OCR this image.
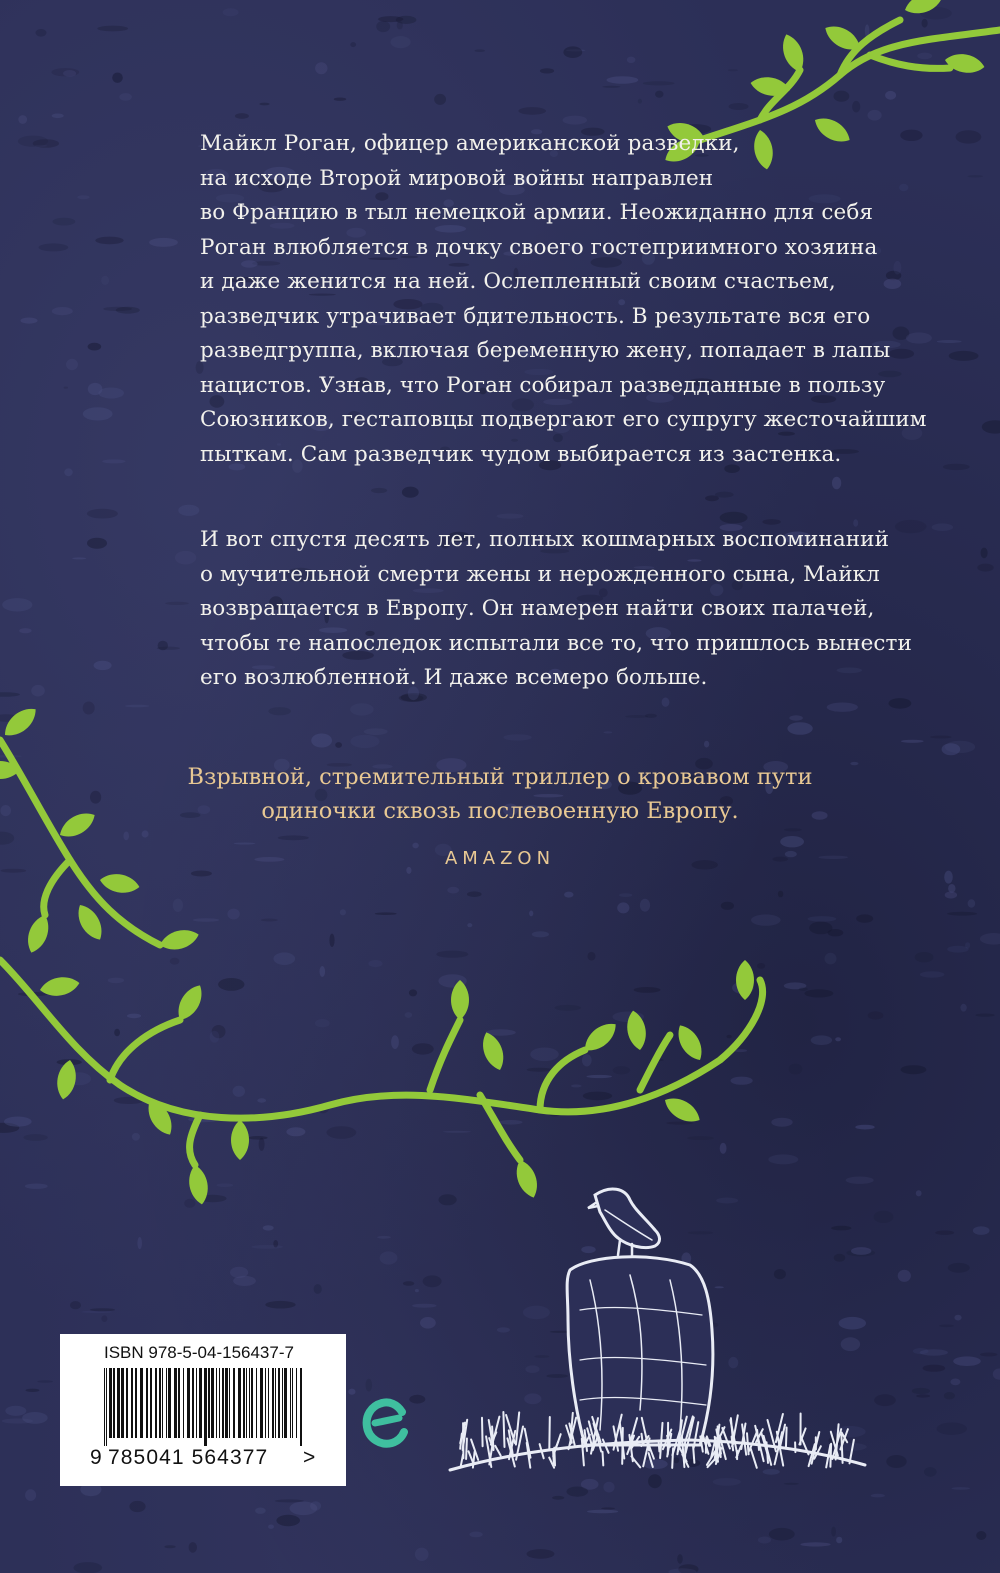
Майкл Роган, офицер американской разведки,
на исходе Второй мировой войны направлен
во Францию в тыл немецкой армии. Неожиданно для себя
Роган влюбляется в дочку своего гостеприимного хозяина
и даже женится на ней. Ослепленный своим счастьем,
разведчик утрачивает бдительность. В результате вся его
разведгруппа, включая беременную жену, попадает в лапы
нацистов. Узнав, что Роган собирал разведданные в пользу
Союзников, гестаповцы подвергают его супругу жесточайшим
пыткам. Сам разведчик чудом выбирается из застенка.

И вот спустя десять лет, полных кошмарных воспоминаний
о мучительной смерти жены и нерожденного сына, Майкл
возвращается в Европу. Он намерен найти своих палачей,
чтобы те напоследок испытали все то, что пришлось вынести
его возлюбленной. И даже всемеро больше.

Взрывной, стремительный триллер о кровавом пути
одиночки сквозь послевоенную Европу.

AMAZON
ISBN 978-5-04-156437-7
9 785041 564377 >
